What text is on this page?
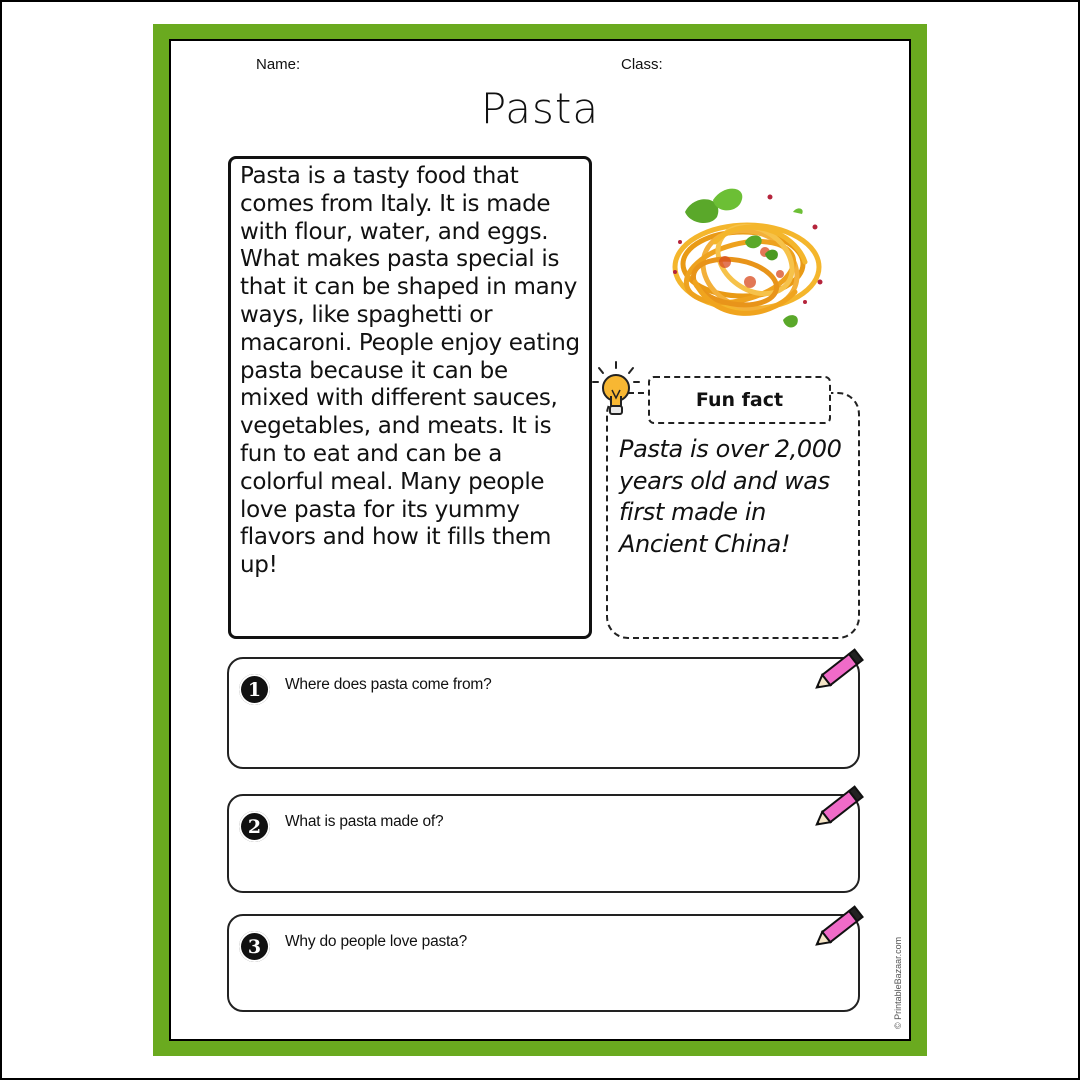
Name:	Class:
Pasta

Pasta is a tasty food that comes from Italy. It is made with flour, water, and eggs. What makes pasta special is that it can be shaped in many ways, like spaghetti or macaroni. People enjoy eating pasta because it can be mixed with different sauces, vegetables, and meats. It is fun to eat and can be a colorful meal. Many people love pasta for its yummy flavors and how it fills them up!

Fun fact

Pasta is over 2,000 years old and was first made in Ancient China!

1	Where does pasta come from?
2	What is pasta made of?
3	Why do people love pasta?	© PrintableBazaar.com
